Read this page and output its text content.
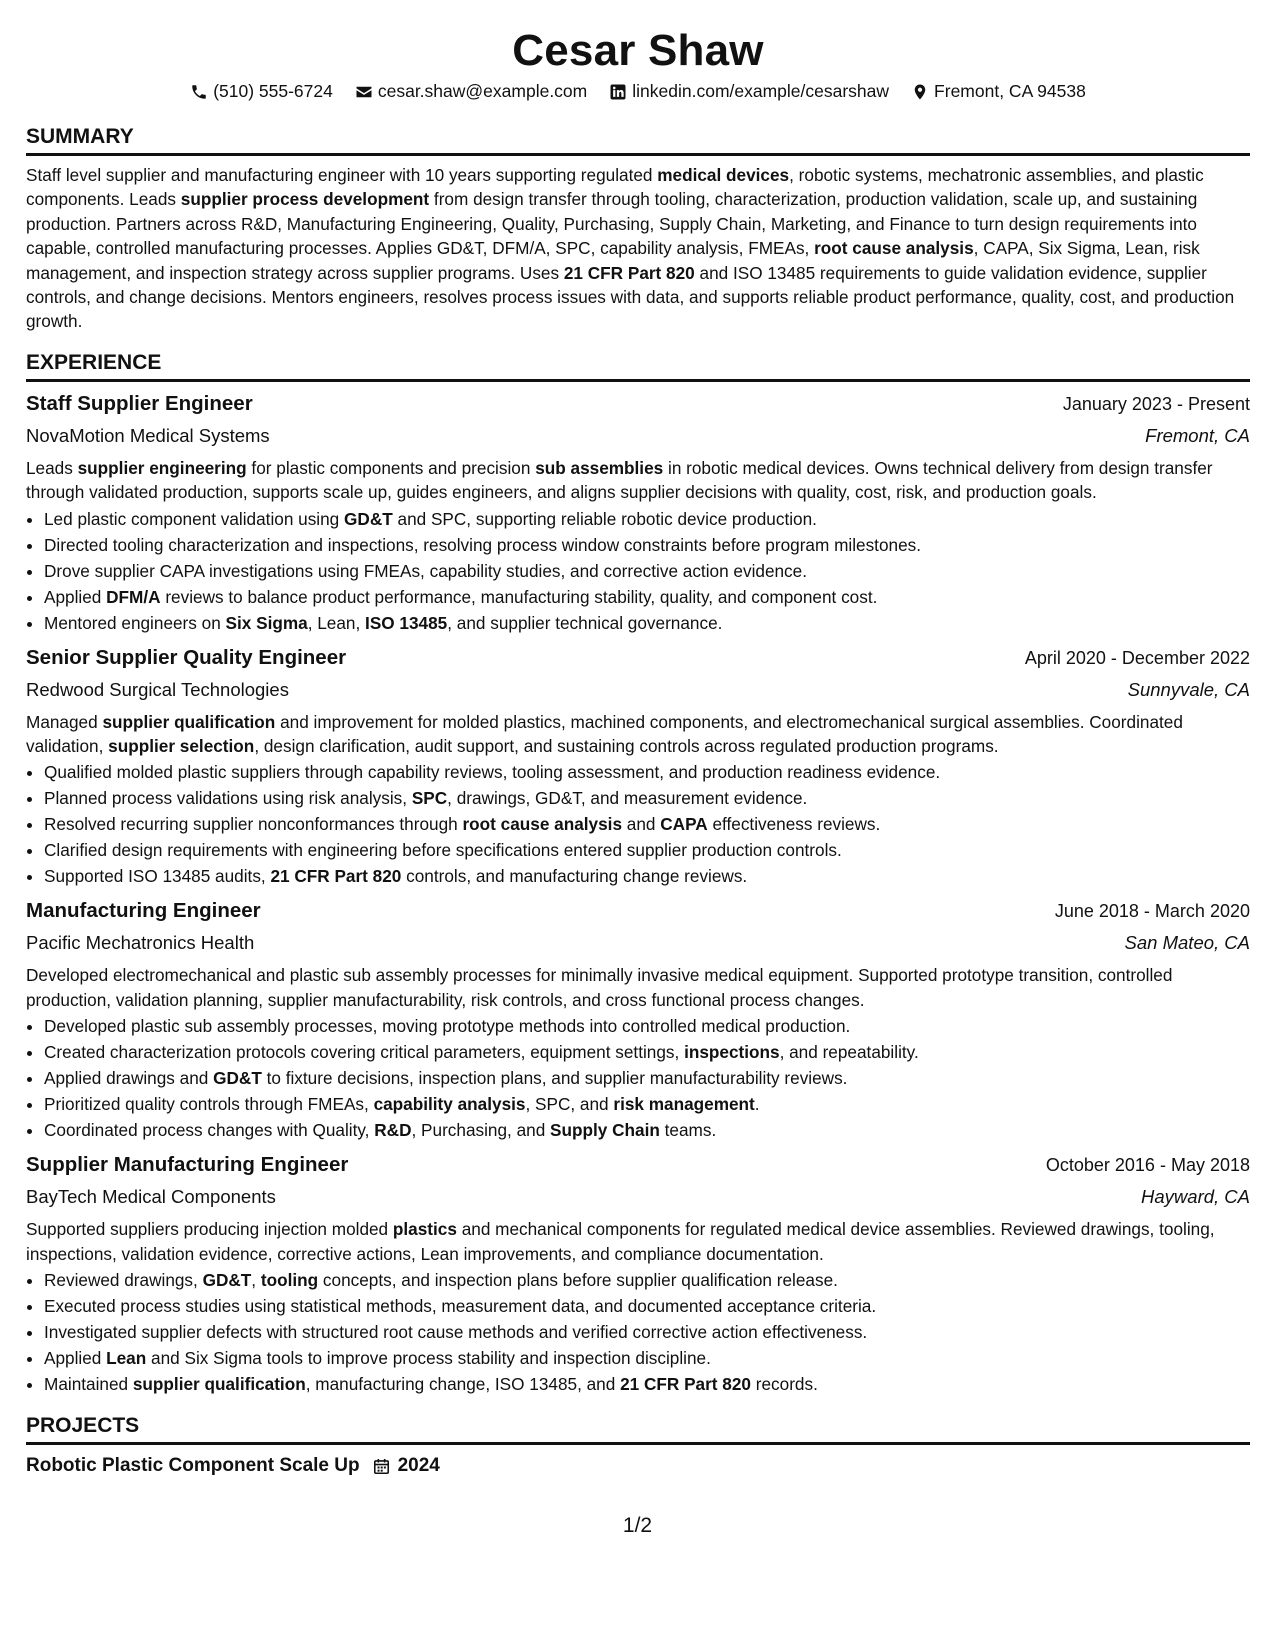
Cesar Shaw
(510) 555-6724	cesar.shaw@example.com	linkedin.com/example/cesarshaw	Fremont, CA 94538
SUMMARY

Staff level supplier and manufacturing engineer with 10 years supporting regulated medical devices, robotic systems, mechatronic assemblies, and plastic components. Leads supplier process development from design transfer through tooling, characterization, production validation, scale up, and sustaining production. Partners across R&D, Manufacturing Engineering, Quality, Purchasing, Supply Chain, Marketing, and Finance to turn design requirements into capable, controlled manufacturing processes. Applies GD&T, DFM/A, SPC, capability analysis, FMEAs, root cause analysis, CAPA, Six Sigma, Lean, risk management, and inspection strategy across supplier programs. Uses 21 CFR Part 820 and ISO 13485 requirements to guide validation evidence, supplier controls, and change decisions. Mentors engineers, resolves process issues with data, and supports reliable product performance, quality, cost, and production growth.

EXPERIENCE
Staff Supplier Engineer	January 2023 - Present
NovaMotion Medical Systems	Fremont, CA

Leads supplier engineering for plastic components and precision sub assemblies in robotic medical devices. Owns technical delivery from design transfer through validated production, supports scale up, guides engineers, and aligns supplier decisions with quality, cost, risk, and production goals.

• Led plastic component validation using GD&T and SPC, supporting reliable robotic device production.
• Directed tooling characterization and inspections, resolving process window constraints before program milestones.
• Drove supplier CAPA investigations using FMEAs, capability studies, and corrective action evidence.
• Applied DFM/A reviews to balance product performance, manufacturing stability, quality, and component cost.
• Mentored engineers on Six Sigma, Lean, ISO 13485, and supplier technical governance.
Senior Supplier Quality Engineer	April 2020 - December 2022
Redwood Surgical Technologies	Sunnyvale, CA

Managed supplier qualification and improvement for molded plastics, machined components, and electromechanical surgical assemblies. Coordinated validation, supplier selection, design clarification, audit support, and sustaining controls across regulated production programs.

• Qualified molded plastic suppliers through capability reviews, tooling assessment, and production readiness evidence.
• Planned process validations using risk analysis, SPC, drawings, GD&T, and measurement evidence.
• Resolved recurring supplier nonconformances through root cause analysis and CAPA effectiveness reviews.
• Clarified design requirements with engineering before specifications entered supplier production controls.
• Supported ISO 13485 audits, 21 CFR Part 820 controls, and manufacturing change reviews.
Manufacturing Engineer	June 2018 - March 2020
Pacific Mechatronics Health	San Mateo, CA

Developed electromechanical and plastic sub assembly processes for minimally invasive medical equipment. Supported prototype transition, controlled production, validation planning, supplier manufacturability, risk controls, and cross functional process changes.

• Developed plastic sub assembly processes, moving prototype methods into controlled medical production.
• Created characterization protocols covering critical parameters, equipment settings, inspections, and repeatability.
• Applied drawings and GD&T to fixture decisions, inspection plans, and supplier manufacturability reviews.
• Prioritized quality controls through FMEAs, capability analysis, SPC, and risk management.
• Coordinated process changes with Quality, R&D, Purchasing, and Supply Chain teams.
Supplier Manufacturing Engineer	October 2016 - May 2018
BayTech Medical Components	Hayward, CA

Supported suppliers producing injection molded plastics and mechanical components for regulated medical device assemblies. Reviewed drawings, tooling, inspections, validation evidence, corrective actions, Lean improvements, and compliance documentation.

• Reviewed drawings, GD&T, tooling concepts, and inspection plans before supplier qualification release.
• Executed process studies using statistical methods, measurement data, and documented acceptance criteria.
• Investigated supplier defects with structured root cause methods and verified corrective action effectiveness.
• Applied Lean and Six Sigma tools to improve process stability and inspection discipline.
• Maintained supplier qualification, manufacturing change, ISO 13485, and 21 CFR Part 820 records.
PROJECTS
Robotic Plastic Component Scale Up 2024
1/2
